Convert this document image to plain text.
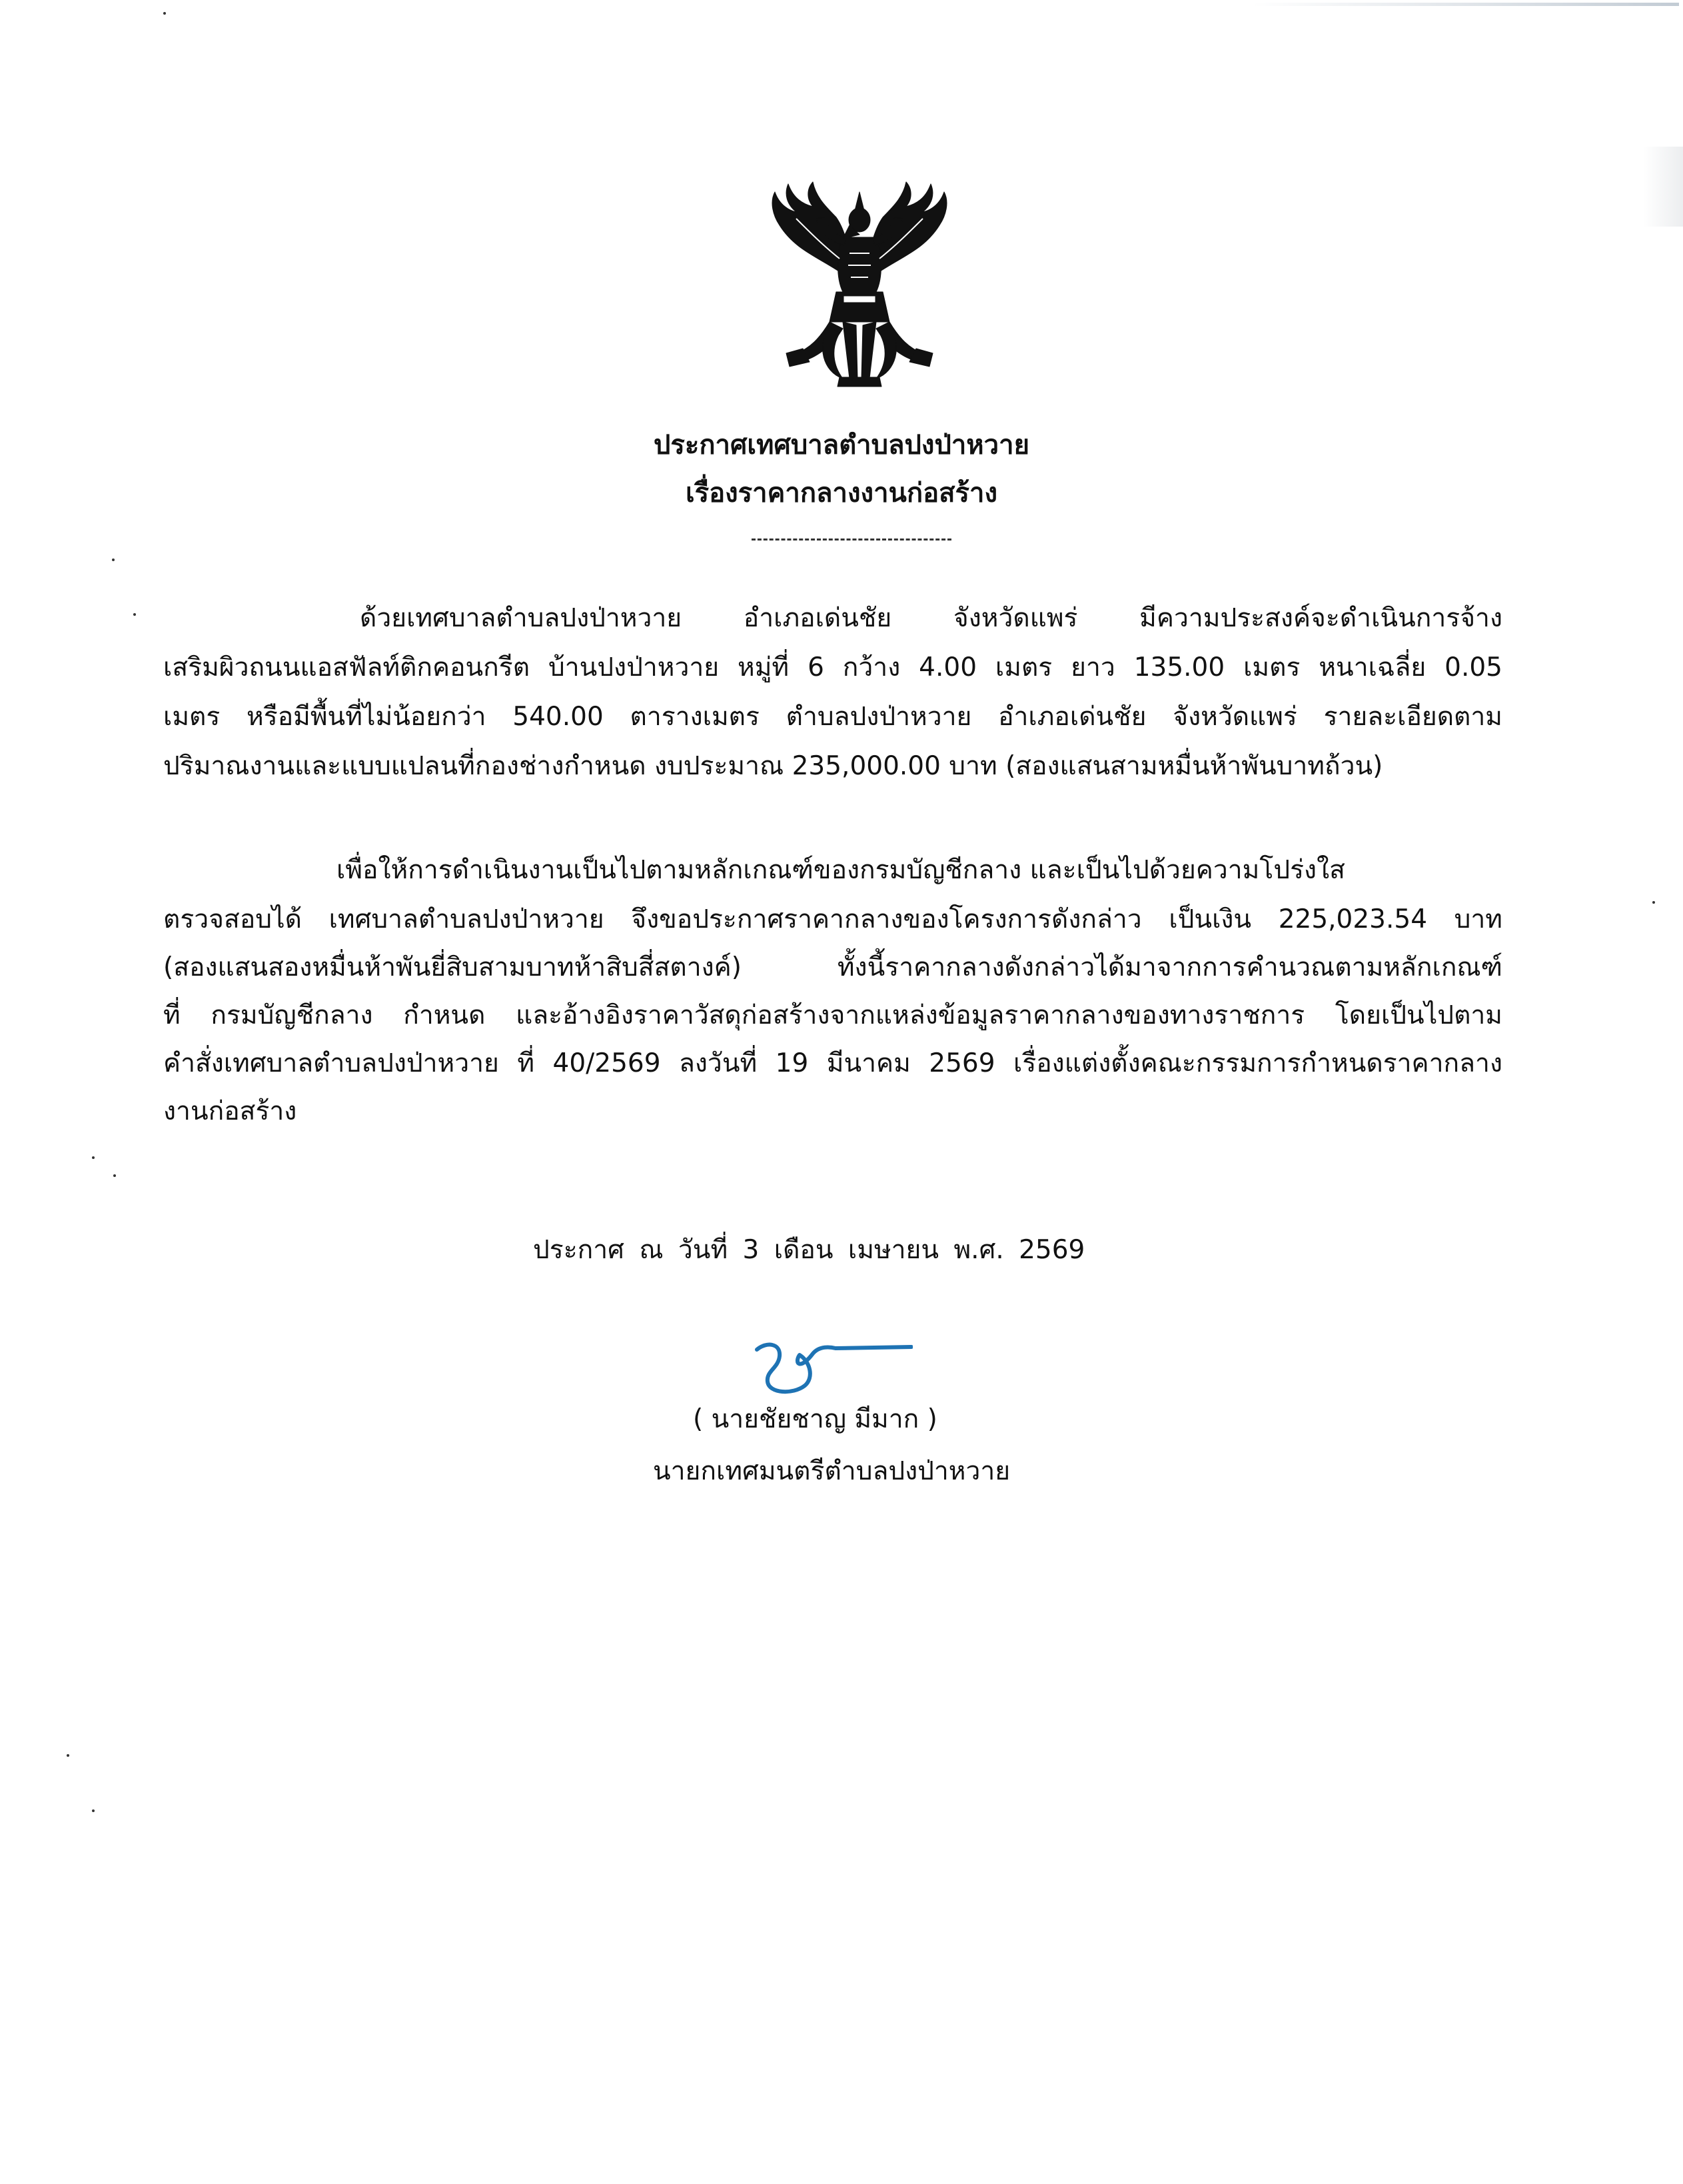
ประกาศเทศบาลตำบลปงป่าหวาย
เรื่องราคากลางงานก่อสร้าง
ด้วยเทศบาลตำบลปงป่าหวาย อำเภอเด่นชัย จังหวัดแพร่ มีความประสงค์จะดำเนินการจ้าง
เสริมผิวถนนแอสฟัลท์ติกคอนกรีต บ้านปงป่าหวาย หมู่ที่ 6 กว้าง 4.00 เมตร ยาว 135.00 เมตร หนาเฉลี่ย 0.05
เมตร หรือมีพื้นที่ไม่น้อยกว่า 540.00 ตารางเมตร ตำบลปงป่าหวาย อำเภอเด่นชัย จังหวัดแพร่ รายละเอียดตาม
ปริมาณงานและแบบแปลนที่กองช่างกำหนด งบประมาณ 235,000.00 บาท (สองแสนสามหมื่นห้าพันบาทถ้วน)
เพื่อให้การดำเนินงานเป็นไปตามหลักเกณฑ์ของกรมบัญชีกลาง และเป็นไปด้วยความโปร่งใส
ตรวจสอบได้ เทศบาลตำบลปงป่าหวาย จึงขอประกาศราคากลางของโครงการดังกล่าว เป็นเงิน 225,023.54 บาท
(สองแสนสองหมื่นห้าพันยี่สิบสามบาทห้าสิบสี่สตางค์) ทั้งนี้ราคากลางดังกล่าวได้มาจากการคำนวณตามหลักเกณฑ์
ที่ กรมบัญชีกลาง กำหนด และอ้างอิงราคาวัสดุก่อสร้างจากแหล่งข้อมูลราคากลางของทางราชการ โดยเป็นไปตาม
คำสั่งเทศบาลตำบลปงป่าหวาย ที่ 40/2569 ลงวันที่ 19 มีนาคม 2569 เรื่องแต่งตั้งคณะกรรมการกำหนดราคากลาง
งานก่อสร้าง
ประกาศ ณ วันที่ 3 เดือน เมษายน พ.ศ. 2569
( นายชัยชาญ มีมาก )
นายกเทศมนตรีตำบลปงป่าหวาย
